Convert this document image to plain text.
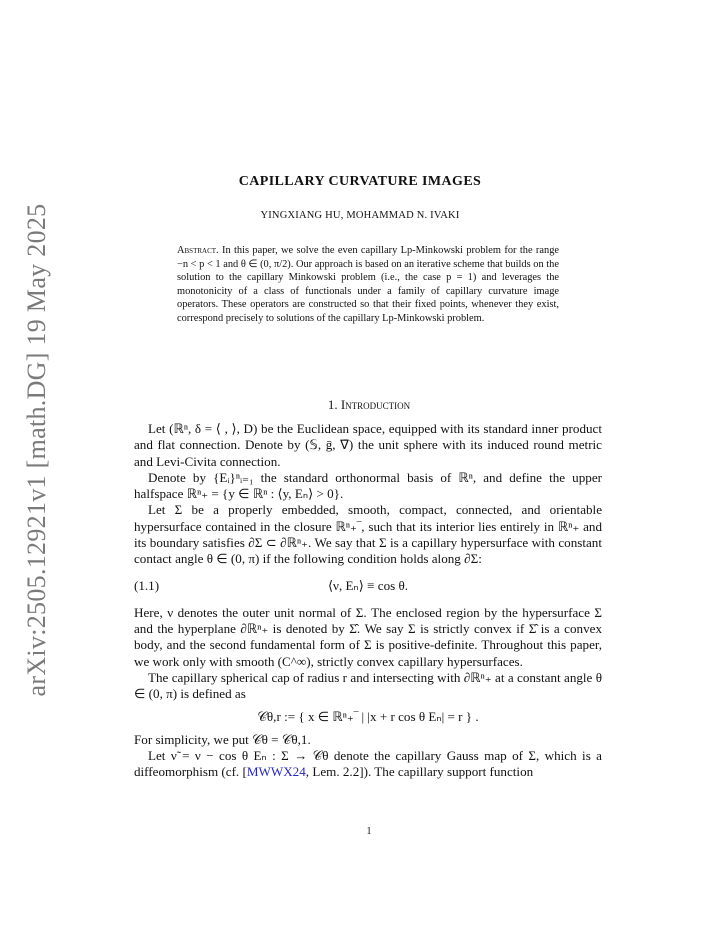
arXiv:2505.12921v1 [math.DG] 19 May 2025
CAPILLARY CURVATURE IMAGES
YINGXIANG HU, MOHAMMAD N. IVAKI
Abstract. In this paper, we solve the even capillary Lp-Minkowski problem for the range −n < p < 1 and θ ∈ (0, π/2). Our approach is based on an iterative scheme that builds on the solution to the capillary Minkowski problem (i.e., the case p = 1) and leverages the monotonicity of a class of functionals under a family of capillary curvature image operators. These operators are constructed so that their fixed points, whenever they exist, correspond precisely to solutions of the capillary Lp-Minkowski problem.
1. Introduction

Let (ℝⁿ, δ = ⟨ , ⟩, D) be the Euclidean space, equipped with its standard inner product and flat connection. Denote by (𝕊, ḡ, ∇̄) the unit sphere with its induced round metric and Levi-Civita connection.

Denote by {Eᵢ}ⁿᵢ₌₁ the standard orthonormal basis of ℝⁿ, and define the upper halfspace ℝⁿ₊ = {y ∈ ℝⁿ : ⟨y, Eₙ⟩ > 0}.

Let Σ be a properly embedded, smooth, compact, connected, and orientable hypersurface contained in the closure ℝⁿ₊‾, such that its interior lies entirely in ℝⁿ₊ and its boundary satisfies ∂Σ ⊂ ∂ℝⁿ₊. We say that Σ is a capillary hypersurface with constant contact angle θ ∈ (0, π) if the following condition holds along ∂Σ:

(1.1)	⟨ν, Eₙ⟩ ≡ cos θ.

Here, ν denotes the outer unit normal of Σ. The enclosed region by the hypersurface Σ and the hyperplane ∂ℝⁿ₊ is denoted by Σ̂. We say Σ is strictly convex if Σ̂ is a convex body, and the second fundamental form of Σ is positive-definite. Throughout this paper, we work only with smooth (C^∞), strictly convex capillary hypersurfaces.

The capillary spherical cap of radius r and intersecting with ∂ℝⁿ₊ at a constant angle θ ∈ (0, π) is defined as

𝒞θ,r := { x ∈ ℝⁿ₊‾ | |x + r cos θ Eₙ| = r } .

For simplicity, we put 𝒞θ = 𝒞θ,1.

Let ν̃ = ν − cos θ Eₙ : Σ → 𝒞θ denote the capillary Gauss map of Σ, which is a diffeomorphism (cf. [MWWX24, Lem. 2.2]). The capillary support function

1
